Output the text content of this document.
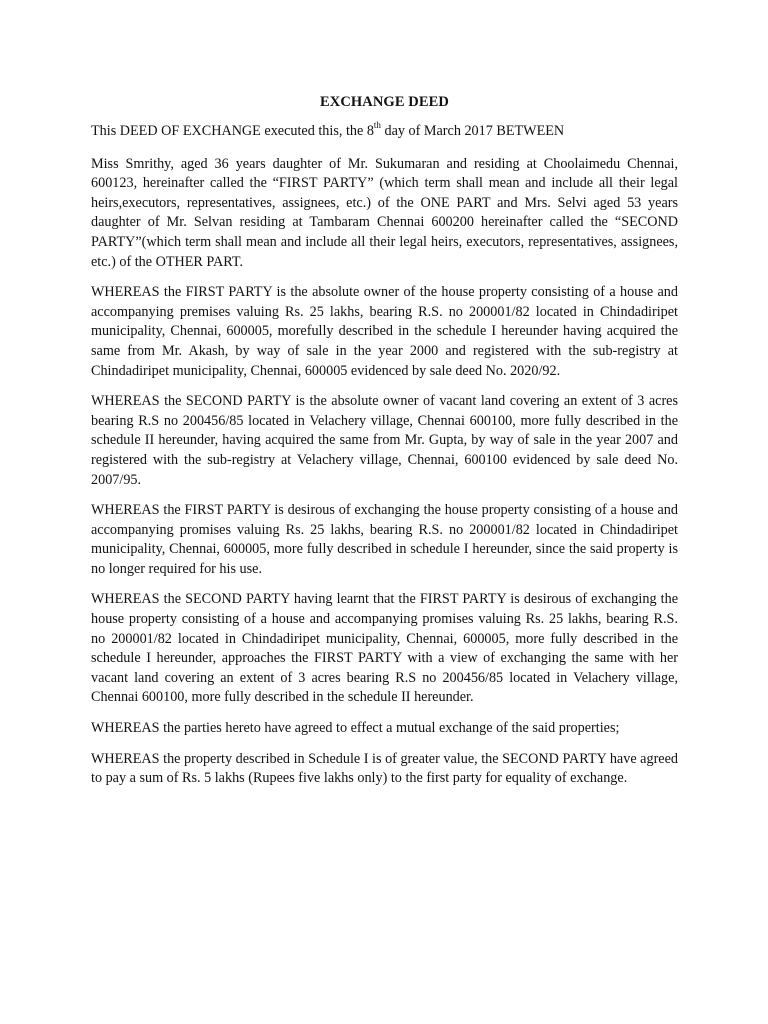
EXCHANGE DEED

This DEED OF EXCHANGE executed this, the 8th day of March 2017 BETWEEN

Miss Smrithy, aged 36 years daughter of Mr. Sukumaran and residing at Choolaimedu Chennai, 600123, hereinafter called the “FIRST PARTY” (which term shall mean and include all their legal heirs,executors, representatives, assignees, etc.) of the ONE PART and Mrs. Selvi aged 53 years daughter of Mr. Selvan residing at Tambaram Chennai 600200 hereinafter called the “SECOND PARTY”(which term shall mean and include all their legal heirs, executors, representatives, assignees, etc.) of the OTHER PART.

WHEREAS the FIRST PARTY is the absolute owner of the house property consisting of a house and accompanying premises valuing Rs. 25 lakhs, bearing R.S. no 200001/82 located in Chindadiripet municipality, Chennai, 600005, morefully described in the schedule I hereunder having acquired the same from Mr. Akash, by way of sale in the year 2000 and registered with the sub-registry at Chindadiripet municipality, Chennai, 600005 evidenced by sale deed No. 2020/92.

WHEREAS the SECOND PARTY is the absolute owner of vacant land covering an extent of 3 acres bearing R.S no 200456/85 located in Velachery village, Chennai 600100, more fully described in the schedule II hereunder, having acquired the same from Mr. Gupta, by way of sale in the year 2007 and registered with the sub-registry at Velachery village, Chennai, 600100 evidenced by sale deed No. 2007/95.

WHEREAS the FIRST PARTY is desirous of exchanging the house property consisting of a house and accompanying promises valuing Rs. 25 lakhs, bearing R.S. no 200001/82 located in Chindadiripet municipality, Chennai, 600005, more fully described in schedule I hereunder, since the said property is no longer required for his use.

WHEREAS the SECOND PARTY having learnt that the FIRST PARTY is desirous of exchanging the house property consisting of a house and accompanying promises valuing Rs. 25 lakhs, bearing R.S. no 200001/82 located in Chindadiripet municipality, Chennai, 600005, more fully described in the schedule I hereunder, approaches the FIRST PARTY with a view of exchanging the same with her vacant land covering an extent of 3 acres bearing R.S no 200456/85 located in Velachery village, Chennai 600100, more fully described in the schedule II hereunder.

WHEREAS the parties hereto have agreed to effect a mutual exchange of the said properties;

WHEREAS the property described in Schedule I is of greater value, the SECOND PARTY have agreed to pay a sum of Rs. 5 lakhs (Rupees five lakhs only) to the first party for equality of exchange.
